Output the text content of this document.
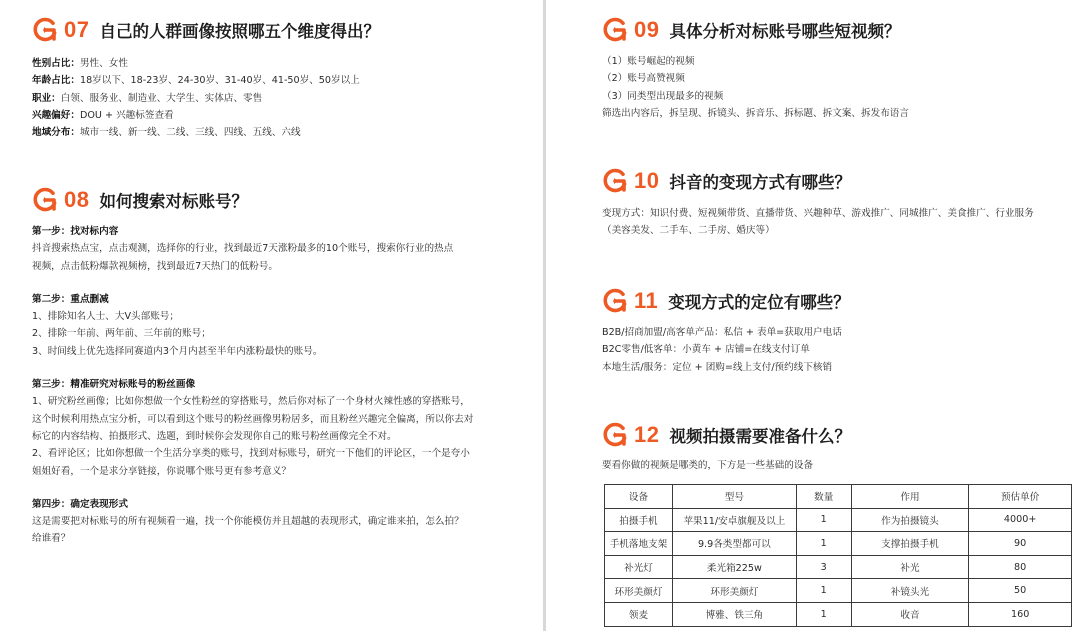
07 自己的人群画像按照哪五个维度得出？
性别占比： 男性、女性
年龄占比： 18岁以下、18-23岁、24-30岁、31-40岁、41-50岁、50岁以上
职业： 白领、服务业、制造业、大学生、实体店、零售
兴趣偏好： DOU + 兴趣标签查看
地域分布： 城市一线、新一线、二线、三线、四线、五线、六线
08 如何搜索对标账号？
第一步：找对标内容
抖音搜索热点宝，点击观测，选择你的行业，找到最近7天涨粉最多的10个账号，搜索你行业的热点
视频，点击低粉爆款视频榜，找到最近7天热门的低粉号。
第二步：重点删减
1、排除知名人士、大V头部账号；
2、排除一年前、两年前、三年前的账号；
3、时间线上优先选择同赛道内3个月内甚至半年内涨粉最快的账号。
第三步：精准研究对标账号的粉丝画像
1、研究粉丝画像；比如你想做一个女性粉丝的穿搭账号，然后你对标了一个身材火辣性感的穿搭账号，
这个时候利用热点宝分析，可以看到这个账号的粉丝画像男粉居多，而且粉丝兴趣完全偏离，所以你去对
标它的内容结构、拍摄形式、选题，到时候你会发现你自己的账号粉丝画像完全不对。
2、看评论区；比如你想做一个生活分享类的账号，找到对标账号，研究一下他们的评论区，一个是夸小
姐姐好看，一个是求分享链接，你说哪个账号更有参考意义？
第四步：确定表现形式
这是需要把对标账号的所有视频看一遍，找一个你能模仿并且超越的表现形式，确定谁来拍，怎么拍？
给谁看？
09 具体分析对标账号哪些短视频？
（1）账号崛起的视频
（2）账号高赞视频
（3）同类型出现最多的视频
筛选出内容后，拆呈现、拆镜头、拆音乐、拆标题、拆文案、拆发布语言
10 抖音的变现方式有哪些？
变现方式：知识付费、短视频带货、直播带货、兴趣种草、游戏推广、同城推广、美食推广、行业服务
（美容美发、二手车、二手房、婚庆等）
11 变现方式的定位有哪些？
B2B/招商加盟/高客单产品：私信 + 表单=获取用户电话
B2C零售/低客单：小黄车 + 店铺=在线支付订单
本地生活/服务：定位 + 团购=线上支付/预约线下核销
12 视频拍摄需要准备什么？
要看你做的视频是哪类的，下方是一些基础的设备
设备	型号	数量	作用	预估单价
拍摄手机	苹果11/安卓旗舰及以上	1	作为拍摄镜头	4000+
手机落地支架	9.9各类型都可以	1	支撑拍摄手机	90
补光灯	柔光箱225w	3	补光	80
环形美颜灯	环形美颜灯	1	补镜头光	50
领麦	博雅、铁三角	1	收音	160
